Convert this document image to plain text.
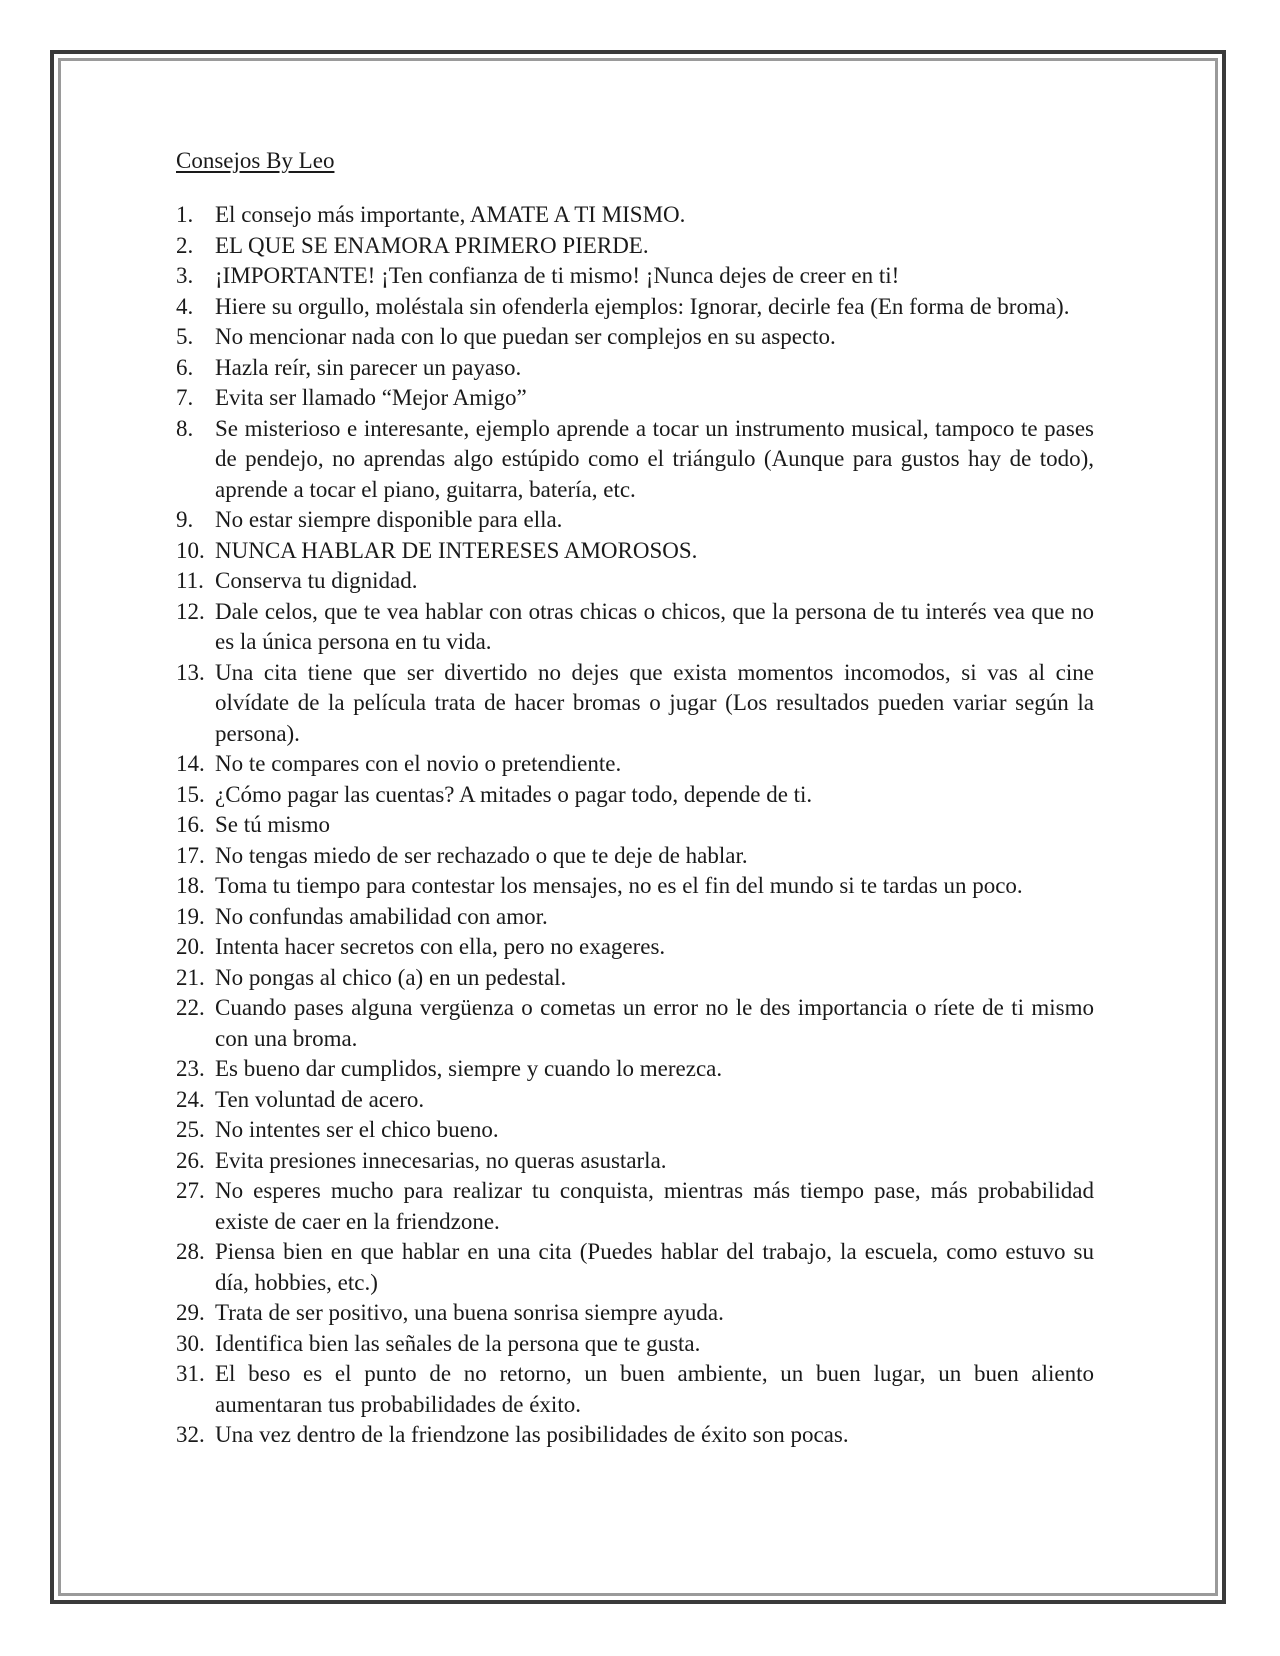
Consejos By Leo
1. El consejo más importante, AMATE A TI MISMO.
2. EL QUE SE ENAMORA PRIMERO PIERDE.
3. ¡IMPORTANTE! ¡Ten confianza de ti mismo! ¡Nunca dejes de creer en ti!
4. Hiere su orgullo, moléstala sin ofenderla ejemplos: Ignorar, decirle fea (En forma de broma).
5. No mencionar nada con lo que puedan ser complejos en su aspecto.
6. Hazla reír, sin parecer un payaso.
7. Evita ser llamado “Mejor Amigo”
8. Se misterioso e interesante, ejemplo aprende a tocar un instrumento musical, tampoco te pases de pendejo, no aprendas algo estúpido como el triángulo (Aunque para gustos hay de todo), aprende a tocar el piano, guitarra, batería, etc.
9. No estar siempre disponible para ella.
10. NUNCA HABLAR DE INTERESES AMOROSOS.
11. Conserva tu dignidad.
12. Dale celos, que te vea hablar con otras chicas o chicos, que la persona de tu interés vea que no es la única persona en tu vida.
13. Una cita tiene que ser divertido no dejes que exista momentos incomodos, si vas al cine olvídate de la película trata de hacer bromas o jugar (Los resultados pueden variar según la persona).
14. No te compares con el novio o pretendiente.
15. ¿Cómo pagar las cuentas? A mitades o pagar todo, depende de ti.
16. Se tú mismo
17. No tengas miedo de ser rechazado o que te deje de hablar.
18. Toma tu tiempo para contestar los mensajes, no es el fin del mundo si te tardas un poco.
19. No confundas amabilidad con amor.
20. Intenta hacer secretos con ella, pero no exageres.
21. No pongas al chico (a) en un pedestal.
22. Cuando pases alguna vergüenza o cometas un error no le des importancia o ríete de ti mismo con una broma.
23. Es bueno dar cumplidos, siempre y cuando lo merezca.
24. Ten voluntad de acero.
25. No intentes ser el chico bueno.
26. Evita presiones innecesarias, no queras asustarla.
27. No esperes mucho para realizar tu conquista, mientras más tiempo pase, más probabilidad existe de caer en la friendzone.
28. Piensa bien en que hablar en una cita (Puedes hablar del trabajo, la escuela, como estuvo su día, hobbies, etc.)
29. Trata de ser positivo, una buena sonrisa siempre ayuda.
30. Identifica bien las señales de la persona que te gusta.
31. El beso es el punto de no retorno, un buen ambiente, un buen lugar, un buen aliento aumentaran tus probabilidades de éxito.
32. Una vez dentro de la friendzone las posibilidades de éxito son pocas.
